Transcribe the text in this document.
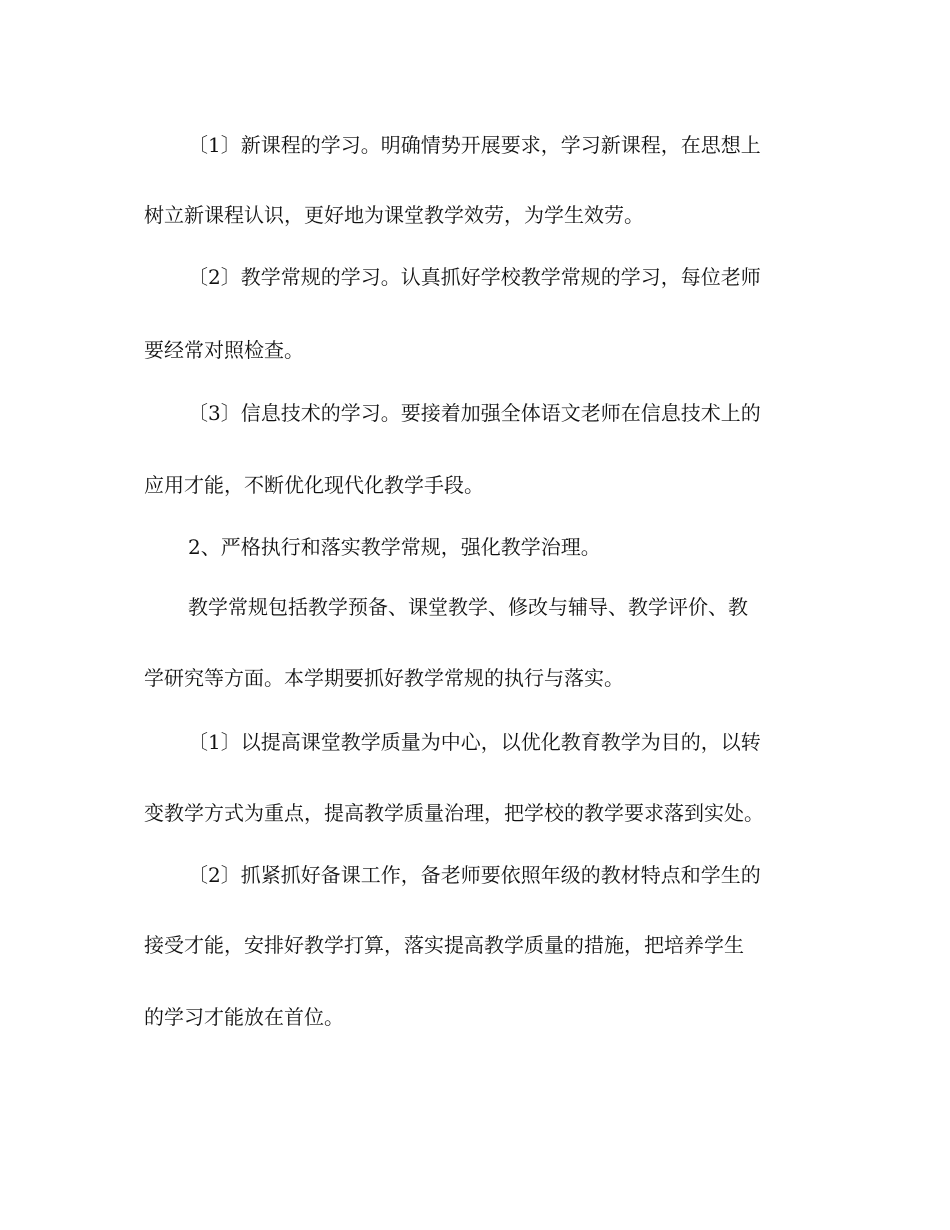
〔1〕新课程的学习。明确情势开展要求，学习新课程，在思想上
树立新课程认识，更好地为课堂教学效劳，为学生效劳。
〔2〕教学常规的学习。认真抓好学校教学常规的学习，每位老师
要经常对照检查。
〔3〕信息技术的学习。要接着加强全体语文老师在信息技术上的
应用才能，不断优化现代化教学手段。
2、严格执行和落实教学常规，强化教学治理。
教学常规包括教学预备、课堂教学、修改与辅导、教学评价、教
学研究等方面。本学期要抓好教学常规的执行与落实。
〔1〕以提高课堂教学质量为中心，以优化教育教学为目的，以转
变教学方式为重点，提高教学质量治理，把学校的教学要求落到实处。
〔2〕抓紧抓好备课工作，备老师要依照年级的教材特点和学生的
接受才能，安排好教学打算，落实提高教学质量的措施，把培养学生
的学习才能放在首位。
